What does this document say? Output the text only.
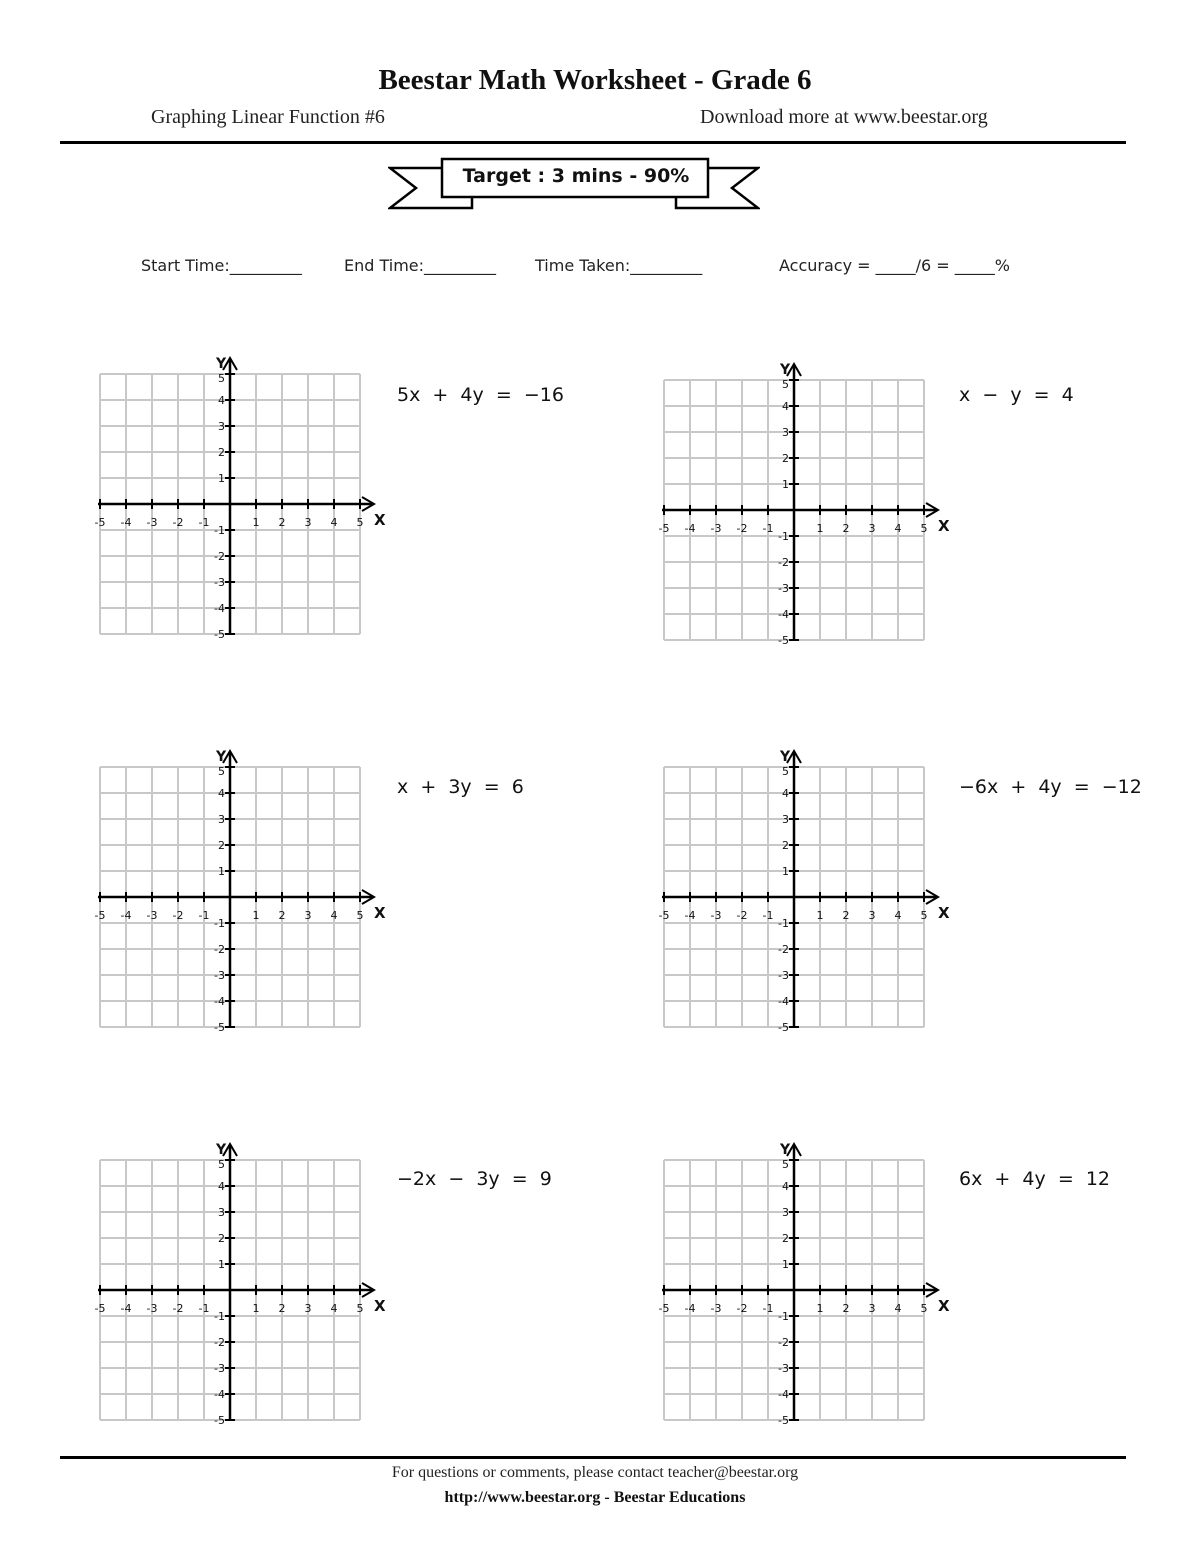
Beestar Math Worksheet - Grade 6
Graphing Linear Function #6	Download more at www.beestar.org
Target : 3 mins - 90%
Start Time:_________	End Time:_________ Time Taken:_________	Accuracy = _____/6 = _____%
-5
-5
-4
-4
-3
-3
-2
-2
-1
-1
1
1
2
2
3
3
4
4
5
5
X
Y
5x  +  4y  =  −16
-5
-5
-4
-4
-3
-3
-2
-2
-1
-1
1
1
2
2
3
3
4
4
5
5
X
Y
x  −  y  =  4
-5
-5
-4
-4
-3
-3
-2
-2
-1
-1
1
1
2
2
3
3
4
4
5
5
X
Y
x  +  3y  =  6
-5
-5
-4
-4
-3
-3
-2
-2
-1
-1
1
1
2
2
3
3
4
4
5
5
X
Y
−6x  +  4y  =  −12
-5
-5
-4
-4
-3
-3
-2
-2
-1
-1
1
1
2
2
3
3
4
4
5
5
X
Y
−2x  −  3y  =  9
-5
-5
-4
-4
-3
-3
-2
-2
-1
-1
1
1
2
2
3
3
4
4
5
5
X
Y
6x  +  4y  =  12
For questions or comments, please contact teacher@beestar.org
http://www.beestar.org - Beestar Educations
